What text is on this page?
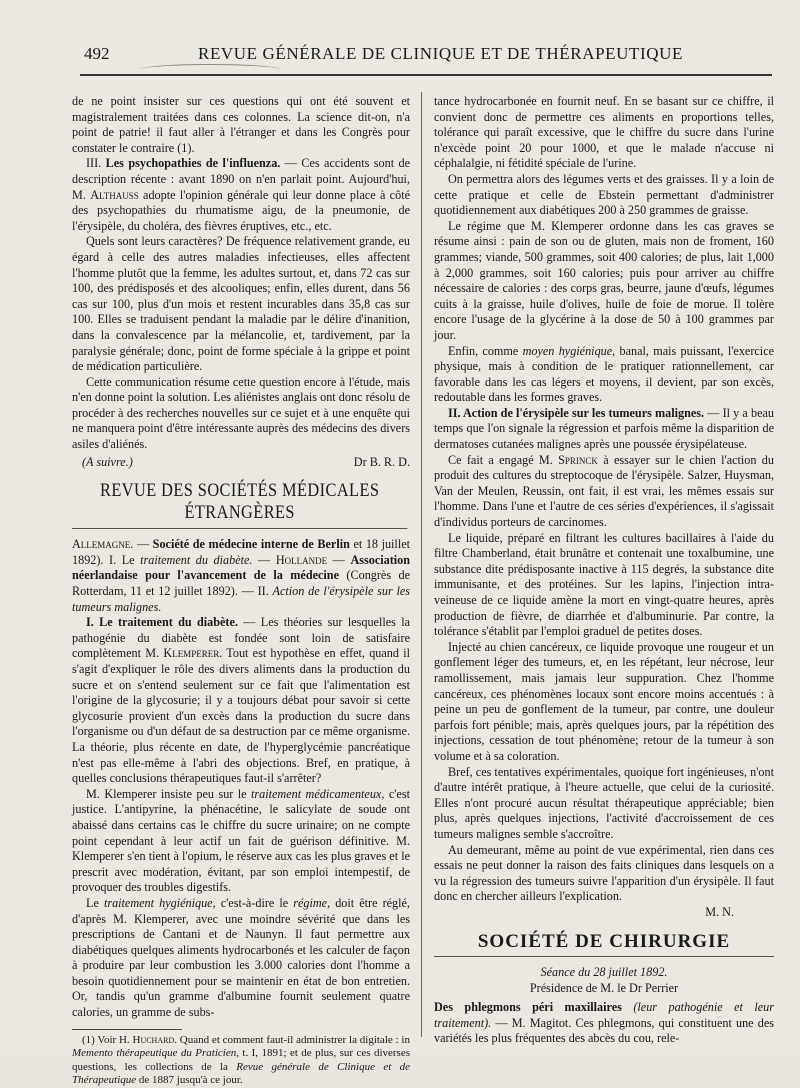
492	REVUE GÉNÉRALE DE CLINIQUE ET DE THÉRAPEUTIQUE

de ne point insister sur ces questions qui ont été souvent et magistralement traitées dans ces colonnes. La science dit-on, n'a point de patrie! il faut aller à l'étranger et dans les Congrès pour constater le contraire (1).

III. Les psychopathies de l'influenza. — Ces accidents sont de description récente : avant 1890 on n'en parlait point. Aujourd'hui, M. Althauss adopte l'opinion générale qui leur donne place à côté des psychopathies du rhumatisme aigu, de la pneumonie, de l'érysipèle, du choléra, des fièvres éruptives, etc., etc.

Quels sont leurs caractères? De fréquence relativement grande, eu égard à celle des autres maladies infectieuses, elles affectent l'homme plutôt que la femme, les adultes surtout, et, dans 72 cas sur 100, des prédisposés et des alcooliques; enfin, elles durent, dans 56 cas sur 100, plus d'un mois et restent incurables dans 35,8 cas sur 100. Elles se traduisent pendant la maladie par le délire d'inanition, dans la convalescence par la mélancolie, et, tardivement, par la paralysie générale; donc, point de forme spéciale à la grippe et point de médication particulière.

Cette communication résume cette question encore à l'étude, mais n'en donne point la solution. Les aliénistes anglais ont donc résolu de procéder à des recherches nouvelles sur ce sujet et à une enquête qui ne manquera point d'être intéressante auprès des médecins des divers asiles d'aliénés.

(A suivre.)	Dr B. R. D.
REVUE DES SOCIÉTÉS MÉDICALES ÉTRANGÈRES

Allemagne. — Société de médecine interne de Berlin et 18 juillet 1892). I. Le traitement du diabète. — Hollande — Association néerlandaise pour l'avancement de la médecine (Congrès de Rotterdam, 11 et 12 juillet 1892). — II. Action de l'érysipèle sur les tumeurs malignes.

I. Le traitement du diabète. — Les théories sur lesquelles la pathogénie du diabète est fondée sont loin de satisfaire complètement M. Klemperer. Tout est hypothèse en effet, quand il s'agit d'expliquer le rôle des divers aliments dans la production du sucre et on s'entend seulement sur ce fait que l'alimentation est l'origine de la glycosurie; il y a toujours débat pour savoir si cette glycosurie provient d'un excès dans la production du sucre dans l'organisme ou d'un défaut de sa destruction par ce même organisme. La théorie, plus récente en date, de l'hyperglycémie pancréatique n'est pas elle-même à l'abri des objections. Bref, en pratique, à quelles conclusions thérapeutiques faut-il s'arrêter?

M. Klemperer insiste peu sur le traitement médicamenteux, c'est justice. L'antipyrine, la phénacétine, le salicylate de soude ont abaissé dans certains cas le chiffre du sucre urinaire; on ne compte point cependant à leur actif un fait de guérison définitive. M. Klemperer s'en tient à l'opium, le réserve aux cas les plus graves et le prescrit avec modération, évitant, par son emploi intempestif, de provoquer des troubles digestifs.

Le traitement hygiénique, c'est-à-dire le régime, doit être réglé, d'après M. Klemperer, avec une moindre sévérité que dans les prescriptions de Cantani et de Naunyn. Il faut permettre aux diabétiques quelques aliments hydrocarbonés et les calculer de façon à produire par leur combustion les 3.000 calories dont l'homme a besoin quotidiennement pour se maintenir en état de bon entretien. Or, tandis qu'un gramme d'albumine fournit seulement quatre calories, un gramme de subs-

(1) Voir H. Huchard. Quand et comment faut-il administrer la digitale : in Memento thérapeutique du Praticien, t. I, 1891; et de plus, sur ces diverses questions, les collections de la Revue générale de Clinique et de Thérapeutique de 1887 jusqu'à ce jour.

tance hydrocarbonée en fournit neuf. En se basant sur ce chiffre, il convient donc de permettre ces aliments en proportions telles, tolérance qui paraît excessive, que le chiffre du sucre dans l'urine n'excède point 20 pour 1000, et que le malade n'accuse ni céphalalgie, ni fétidité spéciale de l'urine.

On permettra alors des légumes verts et des graisses. Il y a loin de cette pratique et celle de Ebstein permettant d'administrer quotidiennement aux diabétiques 200 à 250 grammes de graisse.

Le régime que M. Klemperer ordonne dans les cas graves se résume ainsi : pain de son ou de gluten, mais non de froment, 160 grammes; viande, 500 grammes, soit 400 calories; de plus, lait 1,000 à 2,000 grammes, soit 160 calories; puis pour arriver au chiffre nécessaire de calories : des corps gras, beurre, jaune d'œufs, légumes cuits à la graisse, huile d'olives, huile de foie de morue. Il tolère encore l'usage de la glycérine à la dose de 50 à 100 grammes par jour.

Enfin, comme moyen hygiénique, banal, mais puissant, l'exercice physique, mais à condition de le pratiquer rationnellement, car favorable dans les cas légers et moyens, il devient, par son excès, redoutable dans les formes graves.

II. Action de l'érysipèle sur les tumeurs malignes. — Il y a beau temps que l'on signale la régression et parfois même la disparition de dermatoses cutanées malignes après une poussée érysipélateuse.

Ce fait a engagé M. Sprinck à essayer sur le chien l'action du produit des cultures du streptocoque de l'érysipèle. Salzer, Huysman, Van der Meulen, Reussin, ont fait, il est vrai, les mêmes essais sur l'homme. Dans l'une et l'autre de ces séries d'expériences, il s'agissait d'individus porteurs de carcinomes.

Le liquide, préparé en filtrant les cultures bacillaires à l'aide du filtre Chamberland, était brunâtre et contenait une toxalbumine, une substance dite prédisposante inactive à 115 degrés, la substance dite immunisante, et des protéines. Sur les lapins, l'injection intra-veineuse de ce liquide amène la mort en vingt-quatre heures, après production de fièvre, de diarrhée et d'albuminurie. Par contre, la tolérance s'établit par l'emploi graduel de petites doses.

Injecté au chien cancéreux, ce liquide provoque une rougeur et un gonflement léger des tumeurs, et, en les répétant, leur nécrose, leur ramollissement, mais jamais leur suppuration. Chez l'homme cancéreux, ces phénomènes locaux sont encore moins accentués : à peine un peu de gonflement de la tumeur, par contre, une douleur parfois fort pénible; mais, après quelques jours, par la répétition des injections, cessation de tout phénomène; retour de la tumeur à son volume et à sa coloration.

Bref, ces tentatives expérimentales, quoique fort ingénieuses, n'ont d'autre intérêt pratique, à l'heure actuelle, que celui de la curiosité. Elles n'ont procuré aucun résultat thérapeutique appréciable; bien plus, après quelques injections, l'activité d'accroissement de ces tumeurs malignes semble s'accroître.

Au demeurant, même au point de vue expérimental, rien dans ces essais ne peut donner la raison des faits cliniques dans lesquels on a vu la régression des tumeurs suivre l'apparition d'un érysipèle. Il faut donc en chercher ailleurs l'explication.

M. N.

SOCIÉTÉ DE CHIRURGIE

Séance du 28 juillet 1892.

Présidence de M. le Dr Perrier

Des phlegmons péri maxillaires (leur pathogénie et leur traitement). — M. Magitot. Ces phlegmons, qui constituent une des variétés les plus fréquentes des abcès du cou, rele-
